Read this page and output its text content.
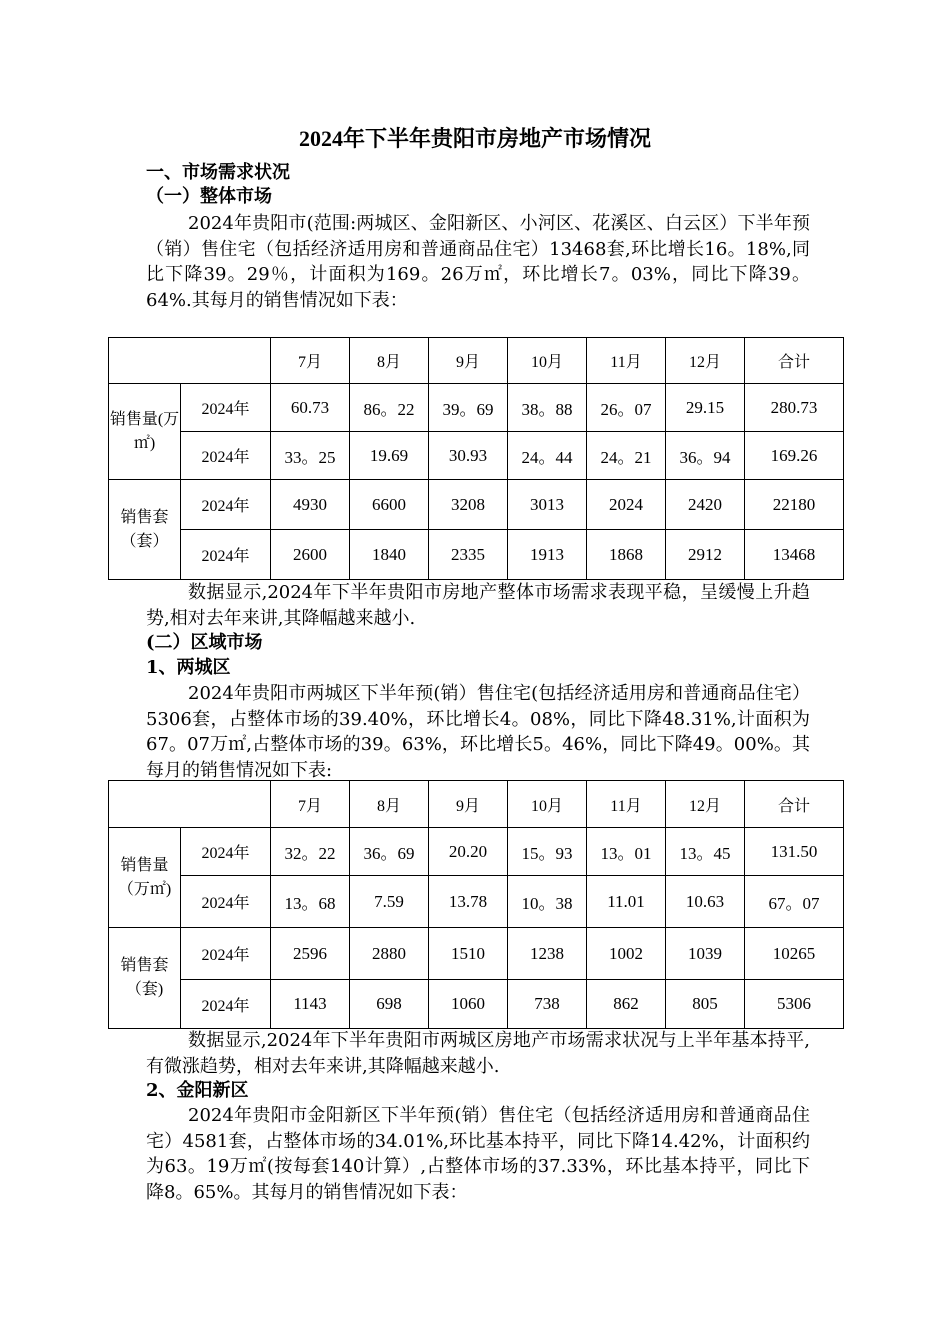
2024年下半年贵阳市房地产市场情况
一、市场需求状况
（一）整体市场
2024年贵阳市(范围:两城区、金阳新区、小河区、花溪区、白云区）下半年预（销）售住宅（包括经济适用房和普通商品住宅）13468套,环比增长16。18%,同比下降39。29％，计面积为169。26万㎡，环比增长7。03%，同比下降39。64%.其每月的销售情况如下表：
		7月	8月	9月	10月	11月	12月	合计
销售量(万㎡)	2024年	60.73	86。22	39。69	38。88	26。07	29.15	280.73
	2024年	33。25	19.69	30.93	24。44	24。21	36。94	169.26
销售套（套）	2024年	4930	6600	3208	3013	2024	2420	22180
	2024年	2600	1840	2335	1913	1868	2912	13468
数据显示,2024年下半年贵阳市房地产整体市场需求表现平稳，呈缓慢上升趋势,相对去年来讲,其降幅越来越小.
(二）区域市场
1、两城区
2024年贵阳市两城区下半年预(销）售住宅(包括经济适用房和普通商品住宅）5306套，占整体市场的39.40%，环比增长4。08%，同比下降48.31%,计面积为67。07万㎡,占整体市场的39。63%，环比增长5。46%，同比下降49。00%。其每月的销售情况如下表:
		7月	8月	9月	10月	11月	12月	合计
销售量（万㎡)	2024年	32。22	36。69	20.20	15。93	13。01	13。45	131.50
	2024年	13。68	7.59	13.78	10。38	11.01	10.63	67。07
销售套（套)	2024年	2596	2880	1510	1238	1002	1039	10265
	2024年	1143	698	1060	738	862	805	5306
数据显示,2024年下半年贵阳市两城区房地产市场需求状况与上半年基本持平,有微涨趋势，相对去年来讲,其降幅越来越小.
2、金阳新区
2024年贵阳市金阳新区下半年预(销）售住宅（包括经济适用房和普通商品住宅）4581套，占整体市场的34.01%,环比基本持平，同比下降14.42%，计面积约为63。19万㎡(按每套140计算）,占整体市场的37.33%，环比基本持平，同比下降8。65%。其每月的销售情况如下表：
